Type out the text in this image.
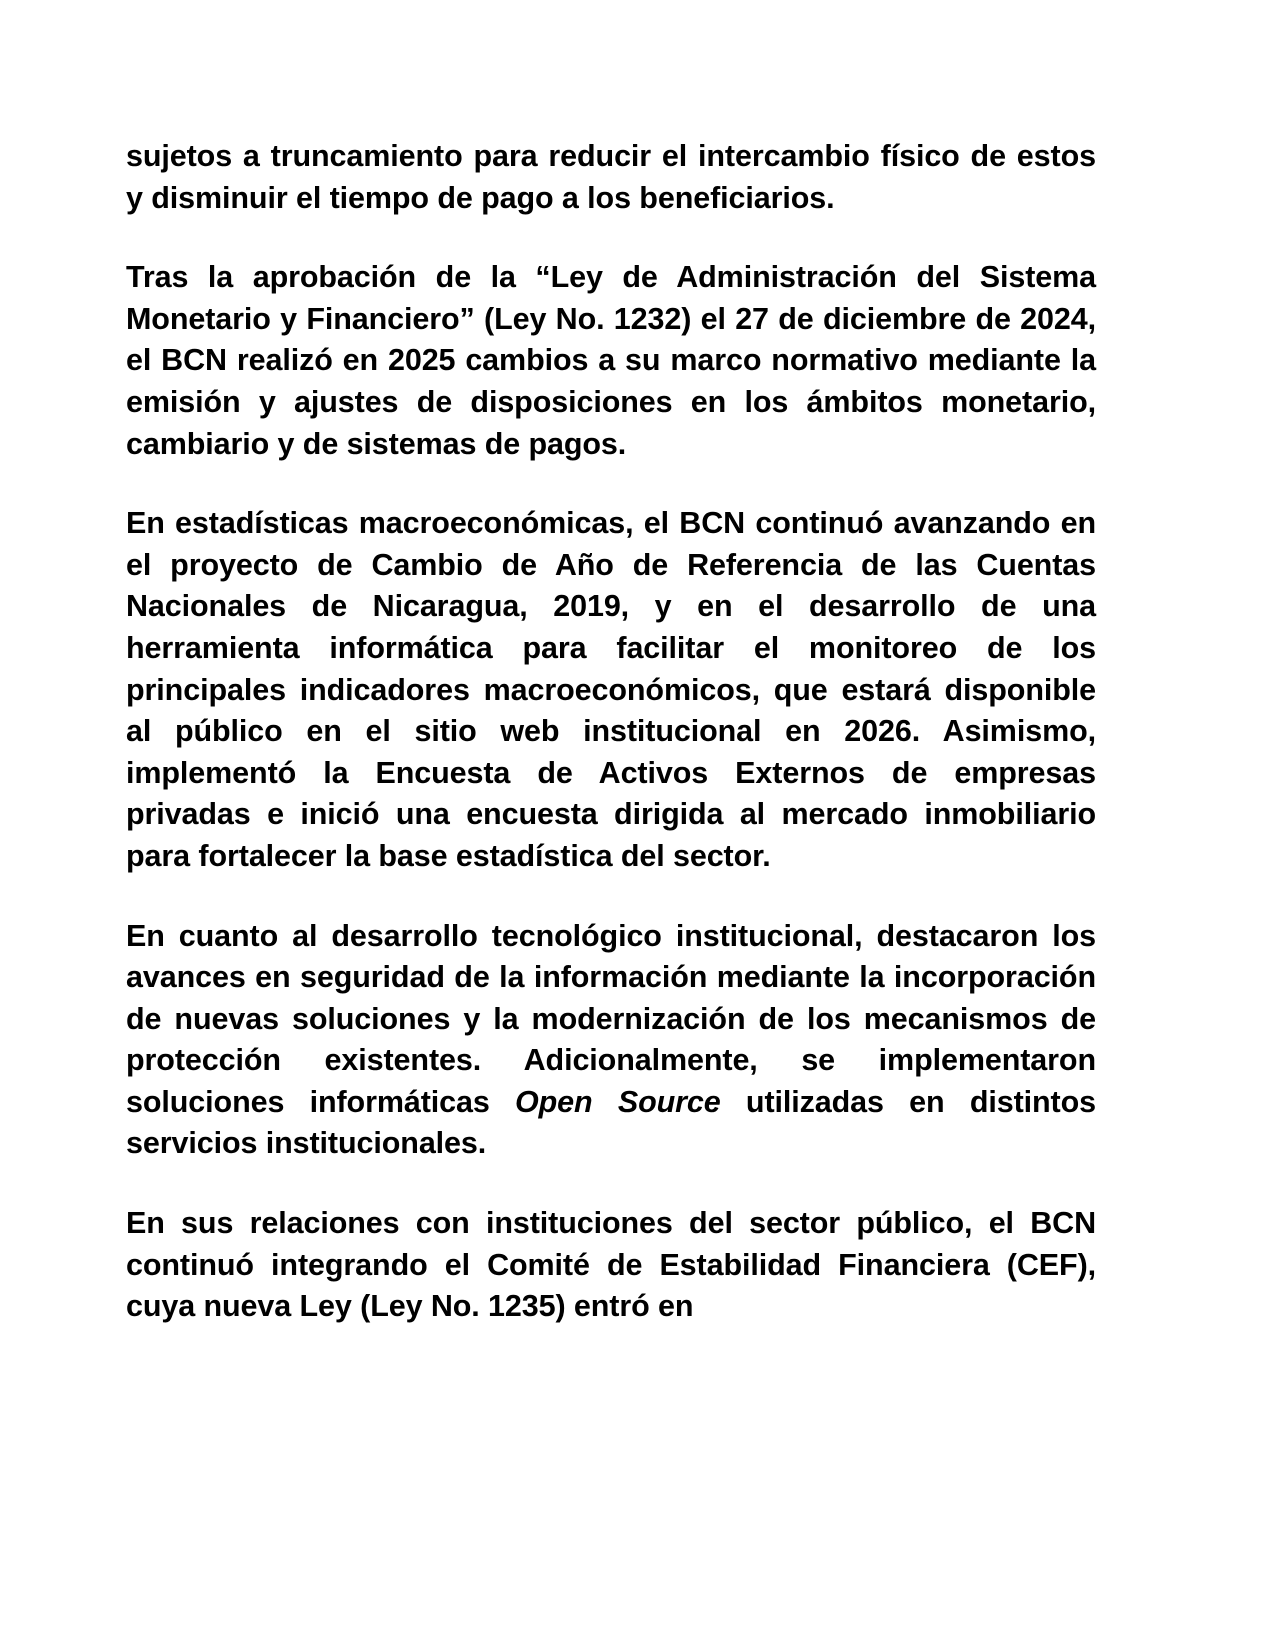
sujetos a truncamiento para reducir el intercambio físico de estos y disminuir el tiempo de pago a los beneficiarios.

Tras la aprobación de la “Ley de Administración del Sistema Monetario y Financiero” (Ley No. 1232) el 27 de diciembre de 2024, el BCN realizó en 2025 cambios a su marco normativo mediante la emisión y ajustes de disposiciones en los ámbitos monetario, cambiario y de sistemas de pagos.

En estadísticas macroeconómicas, el BCN continuó avanzando en el proyecto de Cambio de Año de Referencia de las Cuentas Nacionales de Nicaragua, 2019, y en el desarrollo de una herramienta informática para facilitar el monitoreo de los principales indicadores macroeconómicos, que estará disponible al público en el sitio web institucional en 2026. Asimismo, implementó la Encuesta de Activos Externos de empresas privadas e inició una encuesta dirigida al mercado inmobiliario para fortalecer la base estadística del sector.

En cuanto al desarrollo tecnológico institucional, destacaron los avances en seguridad de la información mediante la incorporación de nuevas soluciones y la modernización de los mecanismos de protección existentes. Adicionalmente, se implementaron soluciones informáticas Open Source utilizadas en distintos servicios institucionales.

En sus relaciones con instituciones del sector público, el BCN continuó integrando el Comité de Estabilidad Financiera (CEF), cuya nueva Ley (Ley No. 1235) entró en
